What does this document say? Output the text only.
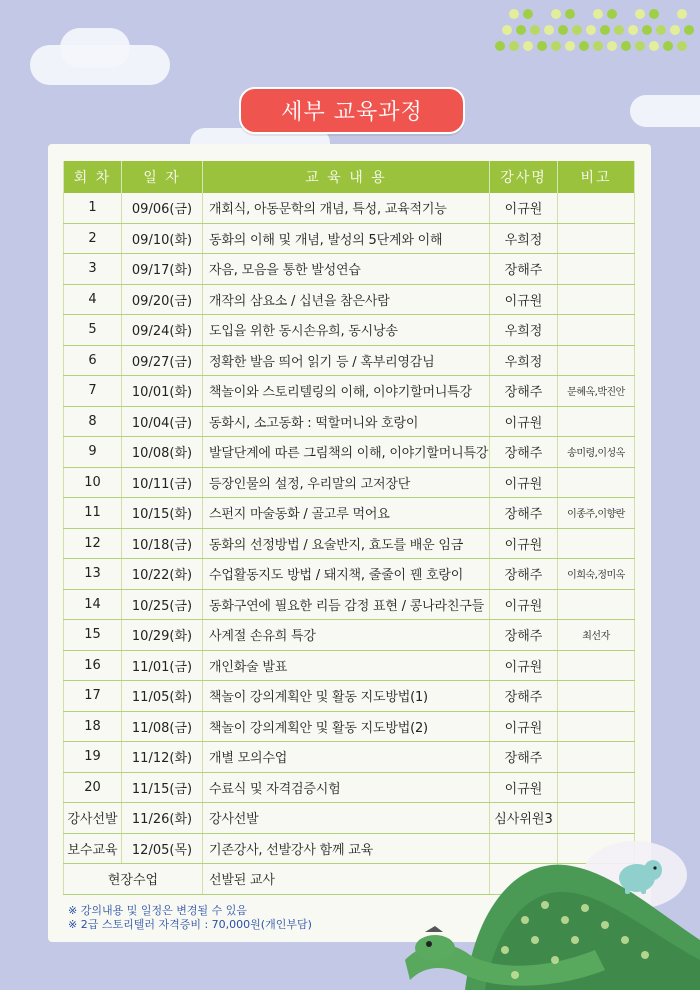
세부 교육과정
회 차	일 자	교 육 내 용	강사명	비고
1	09/06(금)	개회식, 아동문학의 개념, 특성, 교육적기능	이규원	
2	09/10(화)	동화의 이해 및 개념, 발성의 5단계와 이해	우희정	
3	09/17(화)	자음, 모음을 통한 발성연습	장해주	
4	09/20(금)	개작의 삼요소 / 십년을 참은사람	이규원	
5	09/24(화)	도입을 위한 동시손유희, 동시낭송	우희정	
6	09/27(금)	정확한 발음 띄어 읽기 등 / 혹부리영감님	우희정	
7	10/01(화)	책놀이와 스토리텔링의 이해, 이야기할머니특강	장해주	문혜옥,박진안
8	10/04(금)	동화시, 소고동화 : 떡할머니와 호랑이	이규원	
9	10/08(화)	발달단계에 따른 그림책의 이해, 이야기할머니특강	장해주	송미령,이성옥
10	10/11(금)	등장인물의 설정, 우리말의 고저장단	이규원	
11	10/15(화)	스펀지 마술동화 / 골고루 먹어요	장해주	이종주,이향란
12	10/18(금)	동화의 선정방법 / 요술반지, 효도를 배운 임금	이규원	
13	10/22(화)	수업활동지도 방법 / 돼지책, 줄줄이 꿴 호랑이	장해주	이희숙,정미옥
14	10/25(금)	동화구연에 필요한 리듬 감정 표현 / 콩나라친구들	이규원	
15	10/29(화)	사계절 손유희 특강	장해주	최선자
16	11/01(금)	개인화술 발표	이규원	
17	11/05(화)	책놀이 강의계획안 및 활동 지도방법(1)	장해주	
18	11/08(금)	책놀이 강의계획안 및 활동 지도방법(2)	이규원	
19	11/12(화)	개별 모의수업	장해주	
20	11/15(금)	수료식 및 자격검증시험	이규원	
강사선발	11/26(화)	강사선발	심사위원3	
보수교육	12/05(목)	기존강사, 선발강사 함께 교육		
현장수업		선발된 교사		
※ 강의내용 및 일정은 변경될 수 있음
※ 2급 스토리텔러 자격증비 : 70,000원(개인부담)
